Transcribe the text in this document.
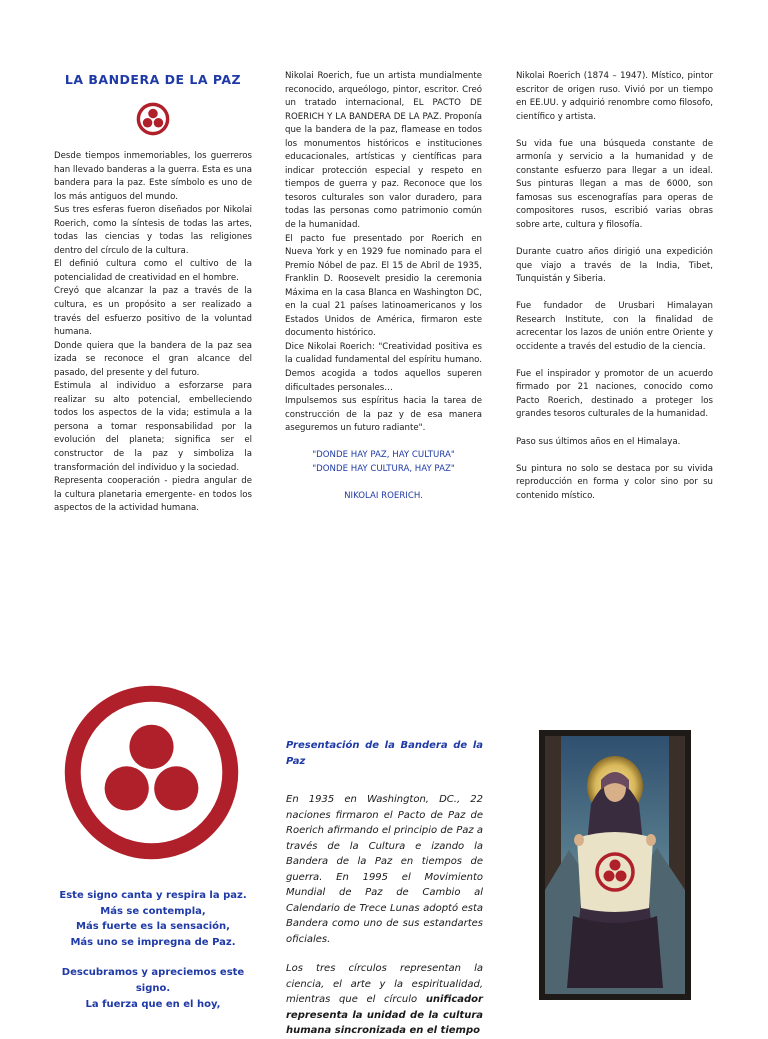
LA BANDERA DE LA PAZ

Desde tiempos inmemoriables, los guerreros han llevado banderas a la guerra. Esta es una bandera para la paz. Este símbolo es uno de los más antiguos del mundo.

Sus tres esferas fueron diseñados por Nikolai Roerich, como la síntesis de todas las artes, todas las ciencias y todas las religiones dentro del círculo de la cultura.

El definió cultura como el cultivo de la potencialidad de creatividad en el hombre.

Creyó que alcanzar la paz a través de la cultura, es un propósito a ser realizado a través del esfuerzo positivo de la voluntad humana.

Donde quiera que la bandera de la paz sea izada se reconoce el gran alcance del pasado, del presente y del futuro.

Estimula al individuo a esforzarse para realizar su alto potencial, embelleciendo todos los aspectos de la vida; estimula a la persona a tomar responsabilidad por la evolución del planeta; significa ser el constructor de la paz y simboliza la transformación del individuo y la sociedad.

Representa cooperación - piedra angular de la cultura planetaria emergente- en todos los aspectos de la actividad humana.

Nikolai Roerich, fue un artista mundialmente reconocido, arqueólogo, pintor, escritor. Creó un tratado internacional, EL PACTO DE ROERICH Y LA BANDERA DE LA PAZ. Proponía que la bandera de la paz, flamease en todos los monumentos históricos e instituciones educacionales, artísticas y científicas para indicar protección especial y respeto en tiempos de guerra y paz. Reconoce que los tesoros culturales son valor duradero, para todas las personas como patrimonio común de la humanidad.

El pacto fue presentado por Roerich en Nueva York y en 1929 fue nominado para el Premio Nóbel de paz. El 15 de Abril de 1935, Franklin D. Roosevelt presidio la ceremonia Máxima en la casa Blanca en Washington DC, en la cual 21 países latinoamericanos y los Estados Unidos de América, firmaron este documento histórico.

Dice Nikolai Roerich: "Creatividad positiva es la cualidad fundamental del espíritu humano. Demos acogida a todos aquellos superen dificultades personales…

Impulsemos sus espíritus hacia la tarea de construcción de la paz y de esa manera aseguremos un futuro radiante".

"DONDE HAY PAZ, HAY CULTURA"

"DONDE HAY CULTURA, HAY PAZ"

NIKOLAI ROERICH.

Nikolai Roerich (1874 – 1947). Místico, pintor escritor de origen ruso. Vivió por un tiempo en EE.UU. y adquirió renombre como filosofo, científico y artista.

Su vida fue una búsqueda constante de armonía y servicio a la humanidad y de constante esfuerzo para llegar a un ideal. Sus pinturas llegan a mas de 6000, son famosas sus escenografías para operas de compositores rusos, escribió varias obras sobre arte, cultura y filosofía.

Durante cuatro años dirigió una expedición que viajo a través de la India, Tibet, Tunquistán y Siberia.

Fue fundador de Urusbari Himalayan Research Institute, con la finalidad de acrecentar los lazos de unión entre Oriente y occidente a través del estudio de la ciencia.

Fue el inspirador y promotor de un acuerdo firmado por 21 naciones, conocido como Pacto Roerich, destinado a proteger los grandes tesoros culturales de la humanidad.

Paso sus últimos años en el Himalaya.

Su pintura no solo se destaca por su vivida reproducción en forma y color sino por su contenido místico.

Este signo canta y respira la paz.

Más se contempla,

Más fuerte es la sensación,

Más uno se impregna de Paz.

Descubramos y apreciemos este signo.

La fuerza que en el hoy,

Presentación de la Bandera de la Paz

En 1935 en Washington, DC., 22 naciones firmaron el Pacto de Paz de Roerich afirmando el principio de Paz a través de la Cultura e izando la Bandera de la Paz en tiempos de guerra. En 1995 el Movimiento Mundial de Paz de Cambio al Calendario de Trece Lunas adoptó esta Bandera como uno de sus estandartes oficiales.

Los tres círculos representan la ciencia, el arte y la espiritualidad, mientras que el círculo unificador representa la unidad de la cultura humana sincronizada en el tiempo
